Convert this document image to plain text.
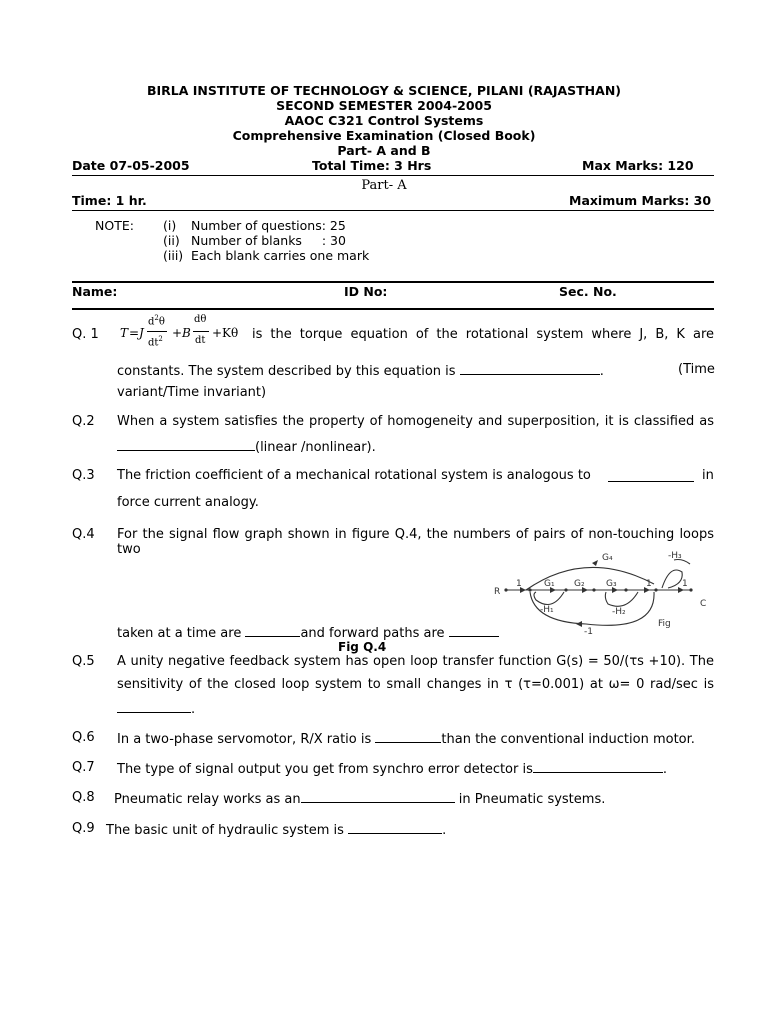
BIRLA INSTITUTE OF TECHNOLOGY & SCIENCE, PILANI (RAJASTHAN)
SECOND SEMESTER 2004-2005
AAOC C321 Control Systems
Comprehensive Examination (Closed Book)
Part- A and B
Date 07-05-2005	Total Time: 3 Hrs	Max Marks: 120
Part- A
Time: 1 hr.	Maximum Marks: 30
NOTE: (i) Number of questions: 25
(ii) Number of blanks     : 30
(iii) Each blank carries one mark
Name:	ID No:	Sec. No.
Q. 1 T = J
$d^2\theta$
$dt^2 + B$
dθ
dt
+Kθ is the torque equation of the rotational system where J, B, K are
constants. The system described by this equation is	.	(Time
variant/Time invariant)
Q.2 When a system satisfies the property of homogeneity and superposition, it is classified as
(linear /nonlinear).
Q.3 The friction coefficient of a mechanical rotational system is analogous to	in
force current analogy.
Q.4 For the signal flow graph shown in figure Q.4, the numbers of pairs of non-touching loops two
R
C
1 G₁ G₂ G₃	1	1
G₄	-H₃
-H₁	-H₂
-1
Fig
taken at a time are	and forward paths are
Fig Q.4
Q.5 A unity negative feedback system has open loop transfer function G(s) = 50/(τs +10). The
sensitivity of the closed loop system to small changes in τ (τ=0.001) at ω= 0 rad/sec is
.
Q.6 In a two-phase servomotor, R/X ratio is	than the conventional induction motor.
Q.7 The type of signal output you get from synchro error detector is	.
Q.8 Pneumatic relay works as an	in Pneumatic systems.
Q.9 The basic unit of hydraulic system is	.
